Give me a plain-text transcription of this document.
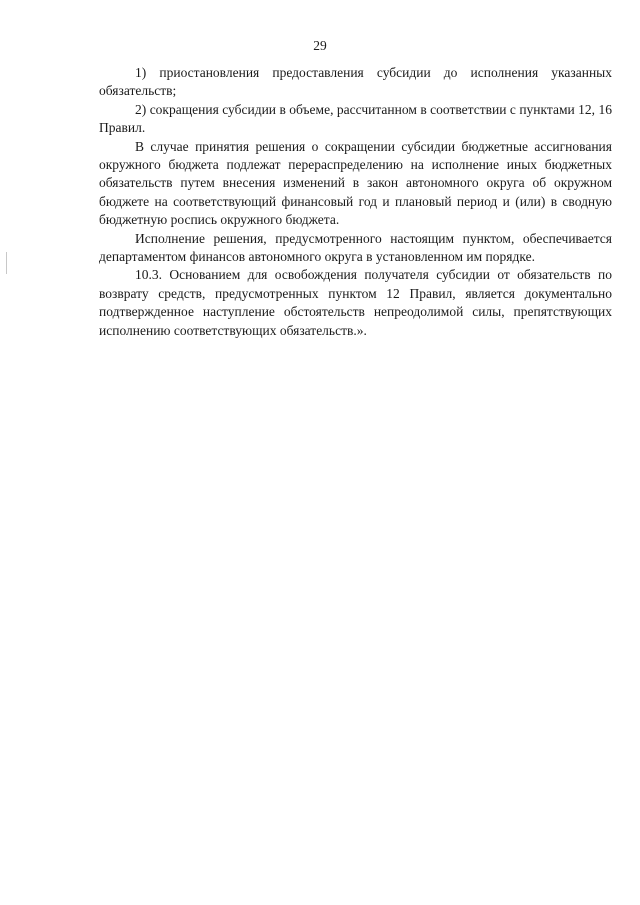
29

1) приостановления предоставления субсидии до исполнения указанных обязательств;

2) сокращения субсидии в объеме, рассчитанном в соответствии с пунктами 12, 16 Правил.

В случае принятия решения о сокращении субсидии бюджетные ассигнования окружного бюджета подлежат перераспределению на исполнение иных бюджетных обязательств путем внесения изменений в закон автономного округа об окружном бюджете на соответствующий финансовый год и плановый период и (или) в сводную бюджетную роспись окружного бюджета.

Исполнение решения, предусмотренного настоящим пунктом, обеспечивается департаментом финансов автономного округа в установленном им порядке.

10.3. Основанием для освобождения получателя субсидии от обязательств по возврату средств, предусмотренных пунктом 12 Правил, является документально подтвержденное наступление обстоятельств непреодолимой силы, препятствующих исполнению соответствующих обязательств.».
